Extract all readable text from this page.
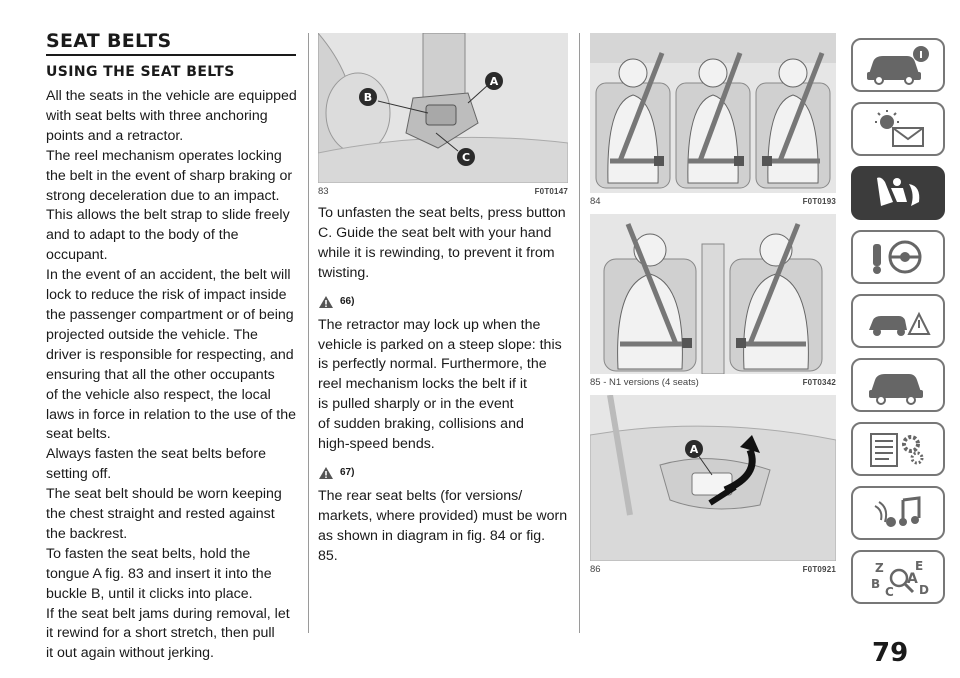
SEAT BELTS
USING THE SEAT BELTS
All the seats in the vehicle are equipped
with seat belts with three anchoring
points and a retractor.
The reel mechanism operates locking
the belt in the event of sharp braking or
strong deceleration due to an impact.
This allows the belt strap to slide freely
and to adapt to the body of the
occupant.
In the event of an accident, the belt will
lock to reduce the risk of impact inside
the passenger compartment or of being
projected outside the vehicle. The
driver is responsible for respecting, and
ensuring that all the other occupants
of the vehicle also respect, the local
laws in force in relation to the use of the
seat belts.
Always fasten the seat belts before
setting off.
The seat belt should be worn keeping
the chest straight and rested against
the backrest.
To fasten the seat belts, hold the
tongue A fig. 83 and insert it into the
buckle B, until it clicks into place.
If the seat belt jams during removal, let
it rewind for a short stretch, then pull
it out again without jerking.
A
B
C
83	F0T0147
To unfasten the seat belts, press button
C. Guide the seat belt with your hand
while it is rewinding, to prevent it from
twisting.
66)
The retractor may lock up when the
vehicle is parked on a steep slope: this
is perfectly normal. Furthermore, the
reel mechanism locks the belt if it
is pulled sharply or in the event
of sudden braking, collisions and
high-speed bends.
67)
The rear seat belts (for versions/
markets, where provided) must be worn
as shown in diagram in fig. 84 or fig.
85.
84	F0T0193
85 - N1 versions (4 seats)	F0T0342
A
86	F0T0921	Z	E
A
B
C D
79
